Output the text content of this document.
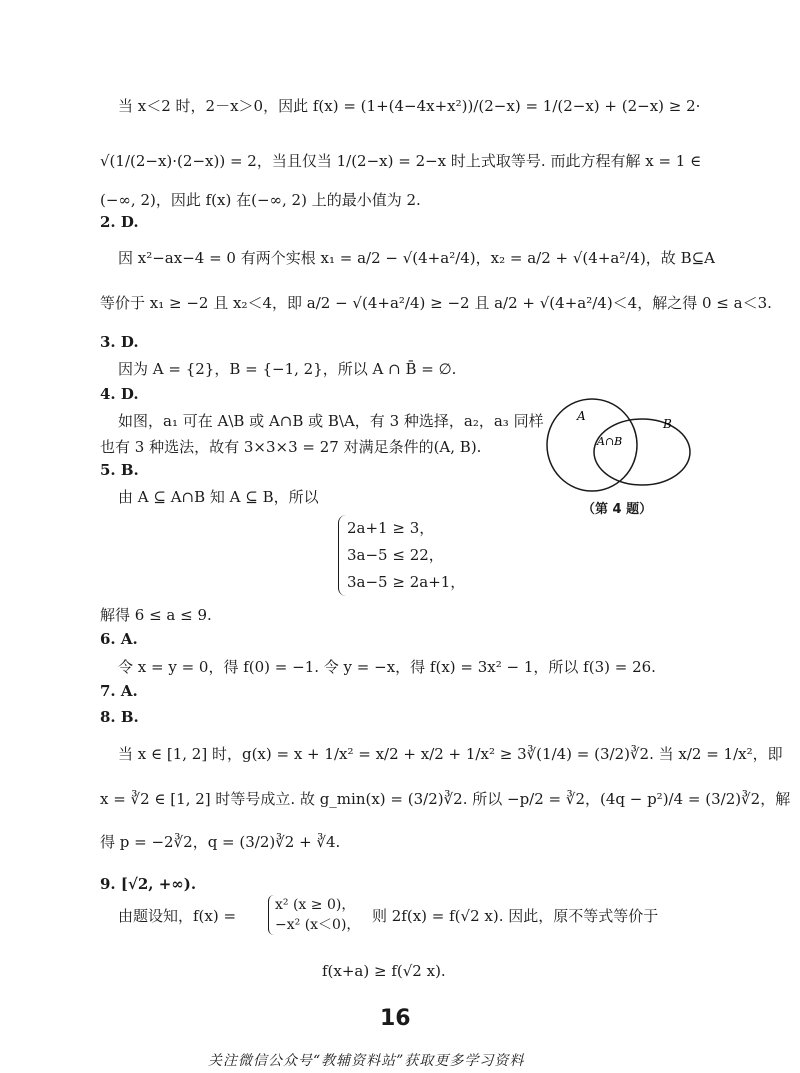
当 x＜2 时，2－x＞0，因此 f(x) = (1+(4−4x+x²))/(2−x) = 1/(2−x) + (2−x) ≥ 2·
√(1/(2−x)·(2−x)) = 2，当且仅当 1/(2−x) = 2−x 时上式取等号. 而此方程有解 x = 1 ∈
(−∞, 2)，因此 f(x) 在(−∞, 2) 上的最小值为 2.
2. D.
因 x²−ax−4 = 0 有两个实根 x₁ = a/2 − √(4+a²/4)，x₂ = a/2 + √(4+a²/4)，故 B⊆A
等价于 x₁ ≥ −2 且 x₂＜4，即 a/2 − √(4+a²/4) ≥ −2 且 a/2 + √(4+a²/4)＜4，解之得 0 ≤ a＜3.
3. D.
因为 A = {2}，B = {−1, 2}，所以 A ∩ B̄ = ∅.
4. D.
如图，a₁ 可在 A\B 或 A∩B 或 B\A，有 3 种选择，a₂，a₃ 同样
也有 3 种选法，故有 3×3×3 = 27 对满足条件的(A, B).
A
B
A∩B
（第 4 题）
5. B.
由 A ⊆ A∩B 知 A ⊆ B，所以
2a+1 ≥ 3，
3a−5 ≤ 22，
3a−5 ≥ 2a+1，
解得 6 ≤ a ≤ 9.
6. A.
令 x = y = 0，得 f(0) = −1. 令 y = −x，得 f(x) = 3x² − 1，所以 f(3) = 26.
7. A.
8. B.
当 x ∈ [1, 2] 时，g(x) = x + 1/x² = x/2 + x/2 + 1/x² ≥ 3∛(1/4) = (3/2)∛2. 当 x/2 = 1/x²，即
x = ∛2 ∈ [1, 2] 时等号成立. 故 g_min(x) = (3/2)∛2. 所以 −p/2 = ∛2，(4q − p²)/4 = (3/2)∛2，解
得 p = −2∛2，q = (3/2)∛2 + ∛4.
9. [√2, +∞).
由题设知，f(x) =
x² (x ≥ 0)，
−x² (x＜0)， 则 2f(x) = f(√2 x). 因此，原不等式等价于
f(x+a) ≥ f(√2 x).
16
关注微信公众号“教辅资料站”获取更多学习资料
